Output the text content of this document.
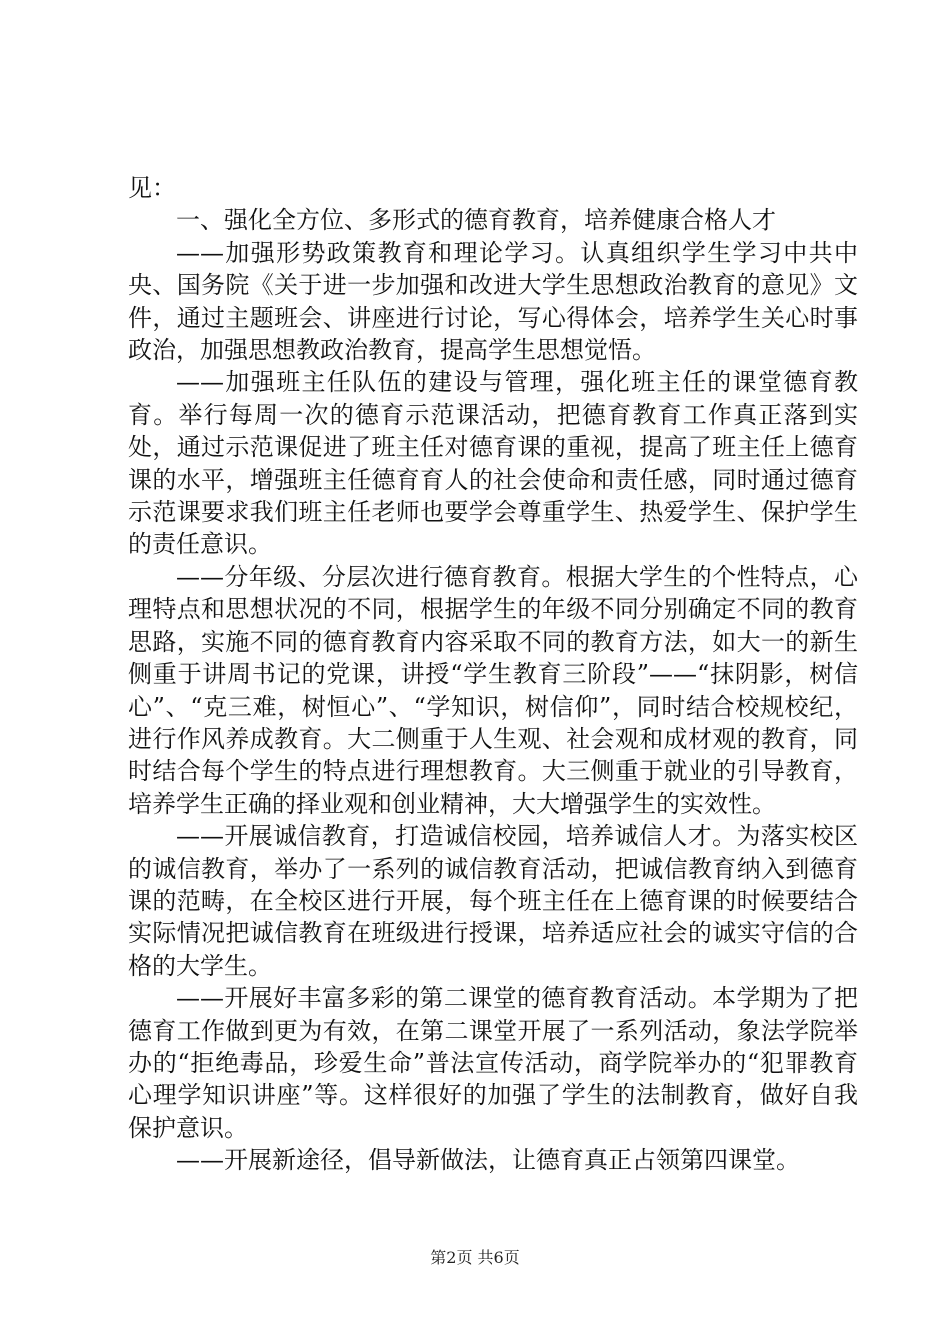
见：

一、强化全方位、多形式的德育教育，培养健康合格人才

——加强形势政策教育和理论学习。认真组织学生学习中共中央、国务院《关于进一步加强和改进大学生思想政治教育的意见》文件，通过主题班会、讲座进行讨论，写心得体会，培养学生关心时事政治，加强思想教政治教育，提高学生思想觉悟。

——加强班主任队伍的建设与管理，强化班主任的课堂德育教育。举行每周一次的德育示范课活动，把德育教育工作真正落到实处，通过示范课促进了班主任对德育课的重视，提高了班主任上德育课的水平，增强班主任德育育人的社会使命和责任感，同时通过德育示范课要求我们班主任老师也要学会尊重学生、热爱学生、保护学生的责任意识。

——分年级、分层次进行德育教育。根据大学生的个性特点，心理特点和思想状况的不同，根据学生的年级不同分别确定不同的教育思路，实施不同的德育教育内容采取不同的教育方法，如大一的新生侧重于讲周书记的党课，讲授“学生教育三阶段”——“抹阴影，树信心”、“克三难，树恒心”、“学知识，树信仰”，同时结合校规校纪，进行作风养成教育。大二侧重于人生观、社会观和成材观的教育，同时结合每个学生的特点进行理想教育。大三侧重于就业的引导教育，培养学生正确的择业观和创业精神，大大增强学生的实效性。

——开展诚信教育，打造诚信校园，培养诚信人才。为落实校区的诚信教育，举办了一系列的诚信教育活动，把诚信教育纳入到德育课的范畴，在全校区进行开展，每个班主任在上德育课的时候要结合实际情况把诚信教育在班级进行授课，培养适应社会的诚实守信的合格的大学生。

——开展好丰富多彩的第二课堂的德育教育活动。本学期为了把德育工作做到更为有效，在第二课堂开展了一系列活动，象法学院举办的“拒绝毒品，珍爱生命”普法宣传活动，商学院举办的“犯罪教育心理学知识讲座”等。这样很好的加强了学生的法制教育，做好自我保护意识。

——开展新途径，倡导新做法，让德育真正占领第四课堂。

第2页 共6页
